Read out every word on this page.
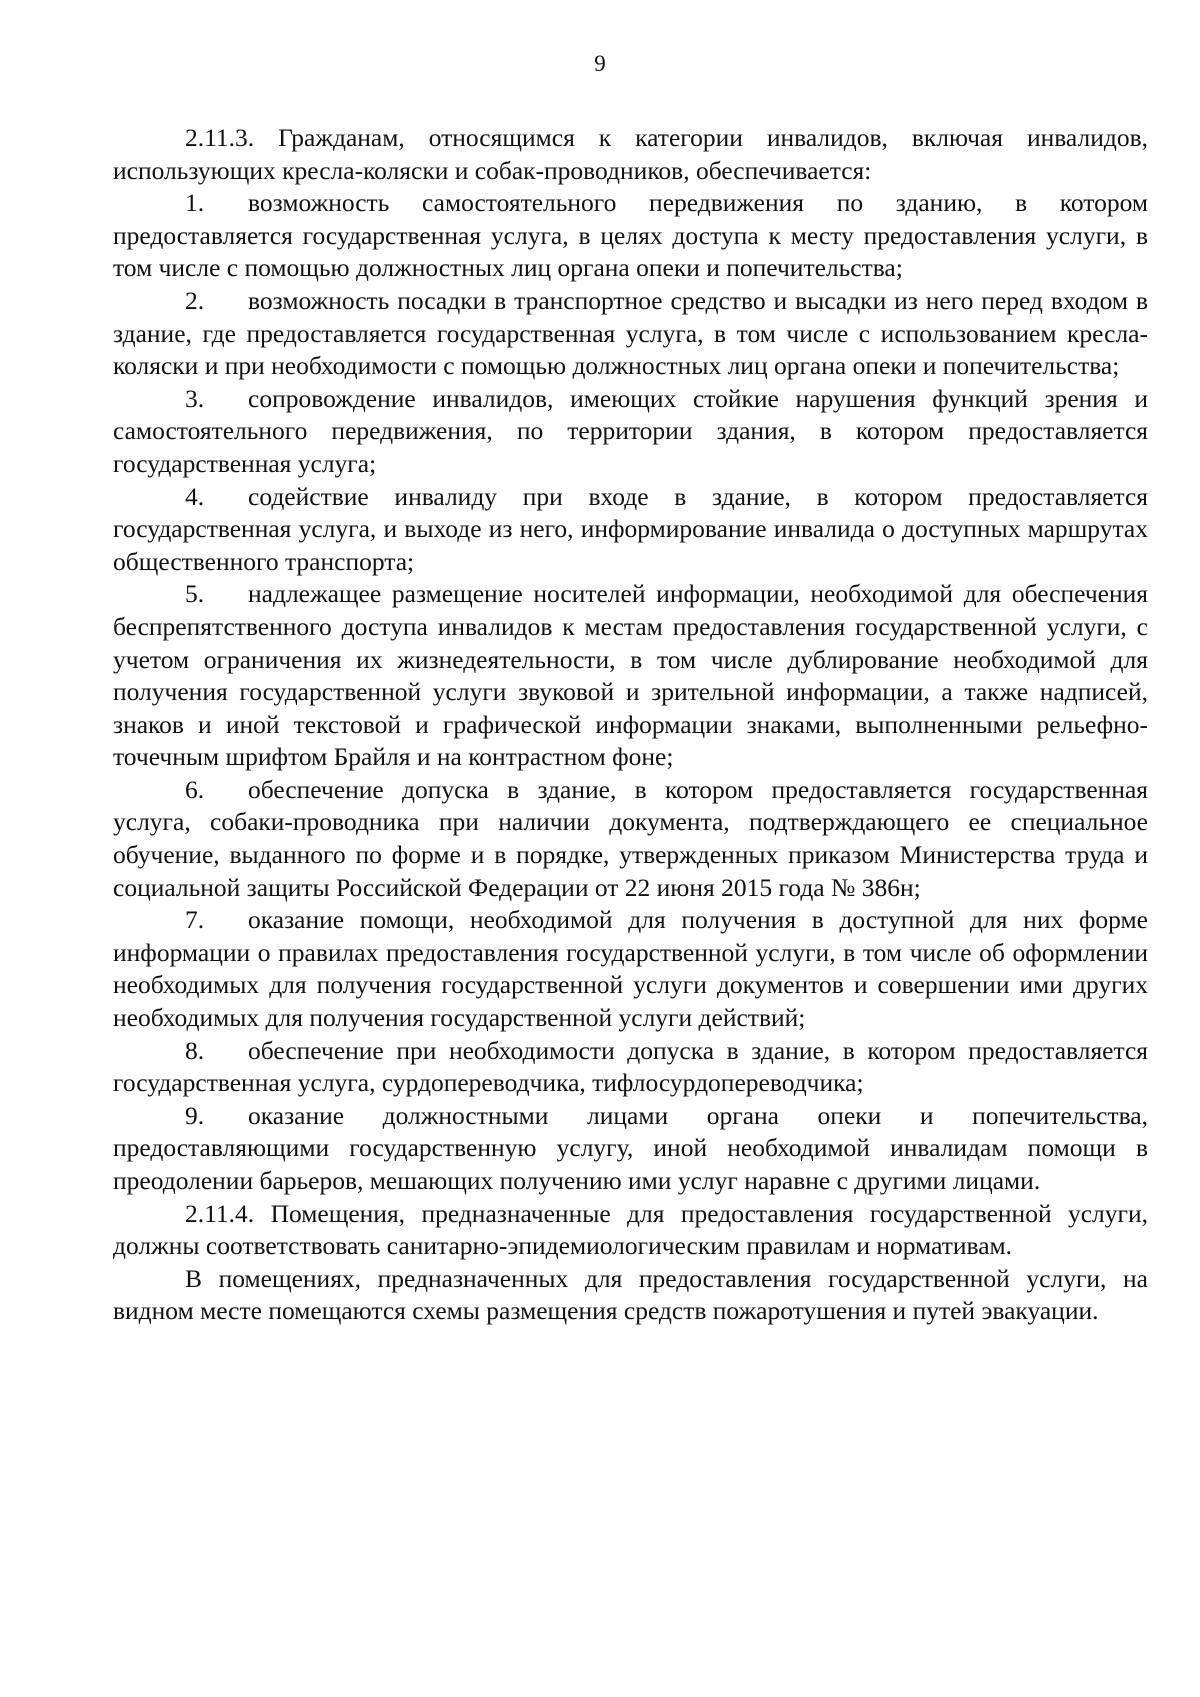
9

2.11.3. Гражданам, относящимся к категории инвалидов, включая инвалидов, использующих кресла-коляски и собак-проводников, обеспечивается:

1. возможность самостоятельного передвижения по зданию, в котором предоставляется государственная услуга, в целях доступа к месту предоставления услуги, в том числе с помощью должностных лиц органа опеки и попечительства;

2. возможность посадки в транспортное средство и высадки из него перед входом в здание, где предоставляется государственная услуга, в том числе с использованием кресла-коляски и при необходимости с помощью должностных лиц органа опеки и попечительства;

3. сопровождение инвалидов, имеющих стойкие нарушения функций зрения и самостоятельного передвижения, по территории здания, в котором предоставляется государственная услуга;

4. содействие инвалиду при входе в здание, в котором предоставляется государственная услуга, и выходе из него, информирование инвалида о доступных маршрутах общественного транспорта;

5. надлежащее размещение носителей информации, необходимой для обеспечения беспрепятственного доступа инвалидов к местам предоставления государственной услуги, с учетом ограничения их жизнедеятельности, в том числе дублирование необходимой для получения государственной услуги звуковой и зрительной информации, а также надписей, знаков и иной текстовой и графической информации знаками, выполненными рельефно-точечным шрифтом Брайля и на контрастном фоне;

6. обеспечение допуска в здание, в котором предоставляется государственная услуга, собаки-проводника при наличии документа, подтверждающего ее специальное обучение, выданного по форме и в порядке, утвержденных приказом Министерства труда и социальной защиты Российской Федерации от 22 июня 2015 года № 386н;

7. оказание помощи, необходимой для получения в доступной для них форме информации о правилах предоставления государственной услуги, в том числе об оформлении необходимых для получения государственной услуги документов и совершении ими других необходимых для получения государственной услуги действий;

8. обеспечение при необходимости допуска в здание, в котором предоставляется государственная услуга, сурдопереводчика, тифлосурдопереводчика;

9. оказание должностными лицами органа опеки и попечительства, предоставляющими государственную услугу, иной необходимой инвалидам помощи в преодолении барьеров, мешающих получению ими услуг наравне с другими лицами.

2.11.4. Помещения, предназначенные для предоставления государственной услуги, должны соответствовать санитарно-эпидемиологическим правилам и нормативам.

В помещениях, предназначенных для предоставления государственной услуги, на видном месте помещаются схемы размещения средств пожаротушения и путей эвакуации.
